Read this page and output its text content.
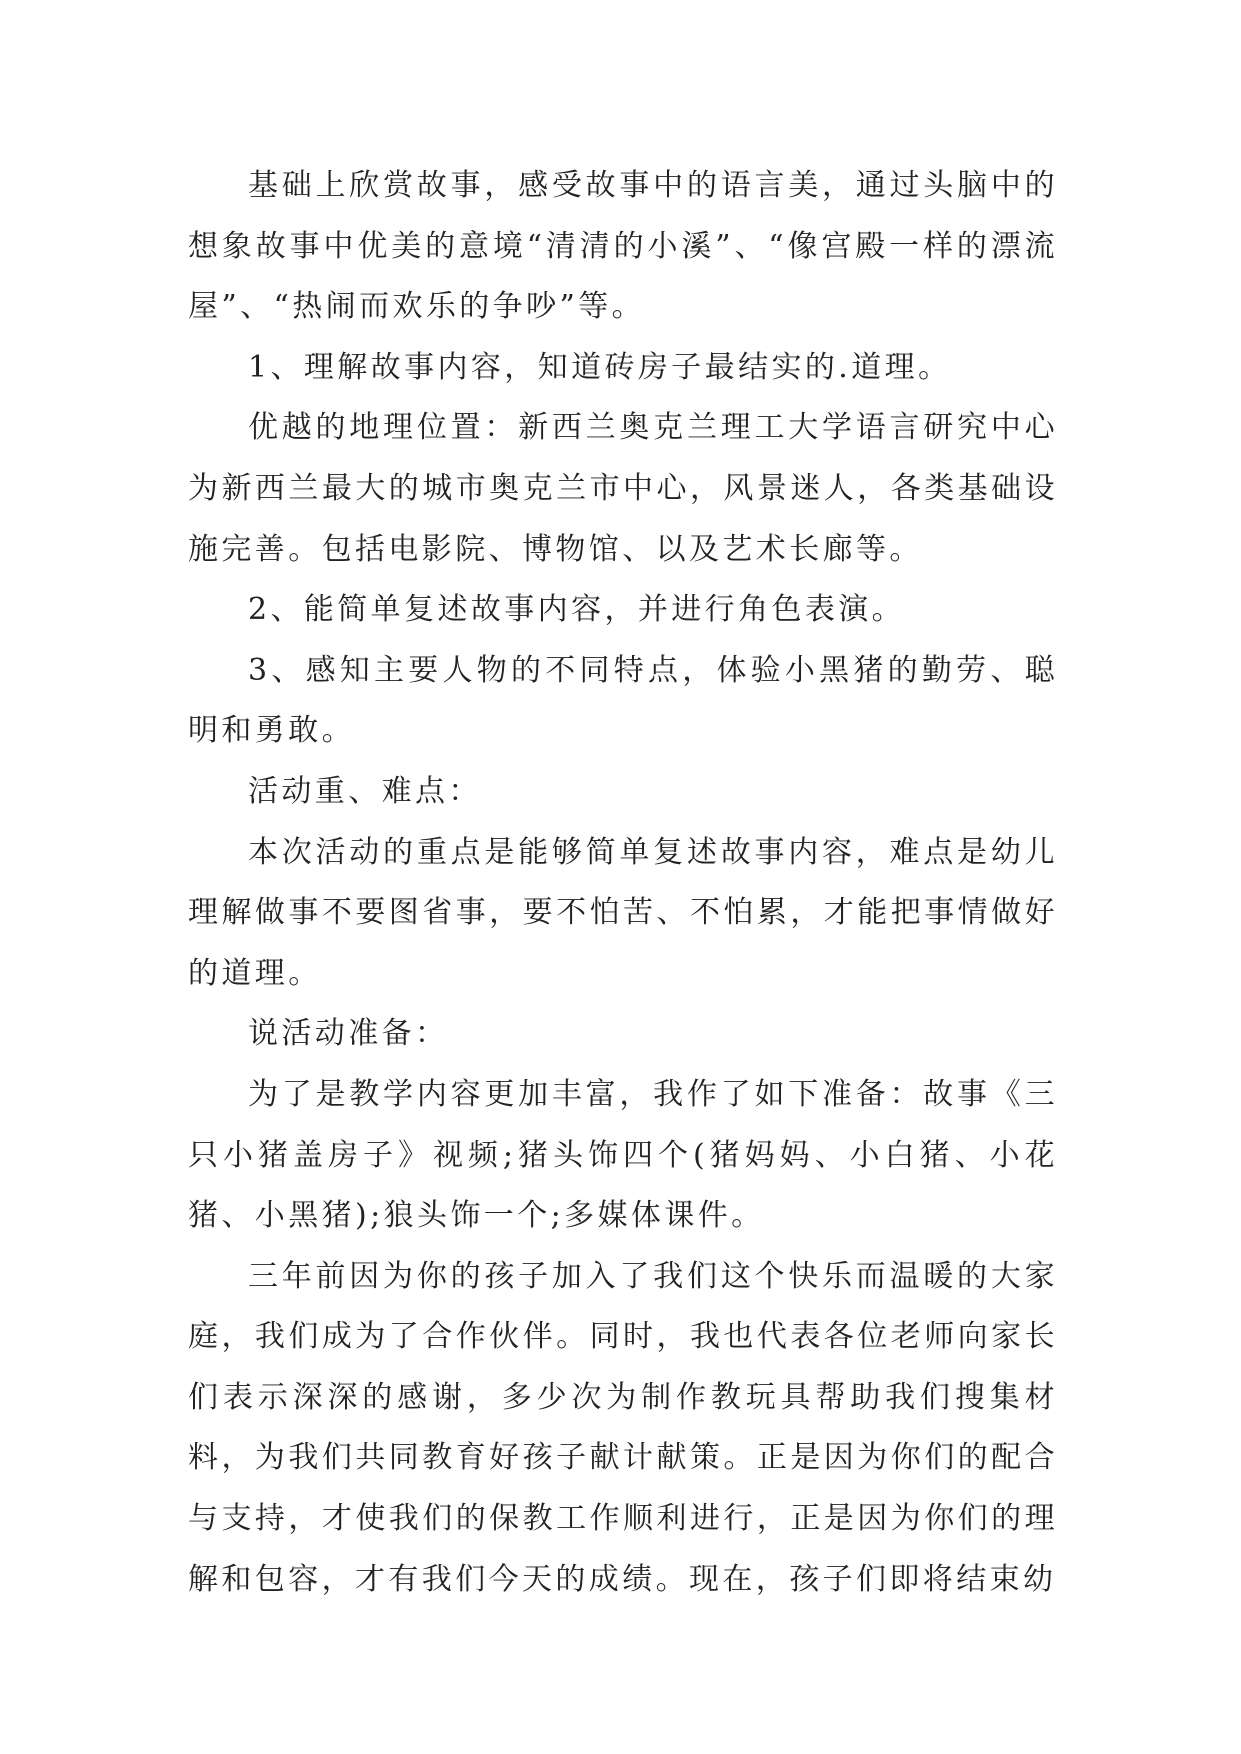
基础上欣赏故事，感受故事中的语言美，通过头脑中的想象故事中优美的意境“清清的小溪”、“像宫殿一样的漂流屋”、“热闹而欢乐的争吵”等。

1、理解故事内容，知道砖房子最结实的.道理。

优越的地理位置：新西兰奥克兰理工大学语言研究中心为新西兰最大的城市奥克兰市中心，风景迷人，各类基础设施完善。包括电影院、博物馆、以及艺术长廊等。

2、能简单复述故事内容，并进行角色表演。

3、感知主要人物的不同特点，体验小黑猪的勤劳、聪明和勇敢。

活动重、难点：

本次活动的重点是能够简单复述故事内容，难点是幼儿理解做事不要图省事，要不怕苦、不怕累，才能把事情做好的道理。

说活动准备：

为了是教学内容更加丰富，我作了如下准备：故事《三只小猪盖房子》视频;猪头饰四个(猪妈妈、小白猪、小花猪、小黑猪);狼头饰一个;多媒体课件。

三年前因为你的孩子加入了我们这个快乐而温暖的大家庭，我们成为了合作伙伴。同时，我也代表各位老师向家长们表示深深的感谢，多少次为制作教玩具帮助我们搜集材料，为我们共同教育好孩子献计献策。正是因为你们的配合与支持，才使我们的保教工作顺利进行，正是因为你们的理解和包容，才有我们今天的成绩。现在，孩子们即将结束幼
